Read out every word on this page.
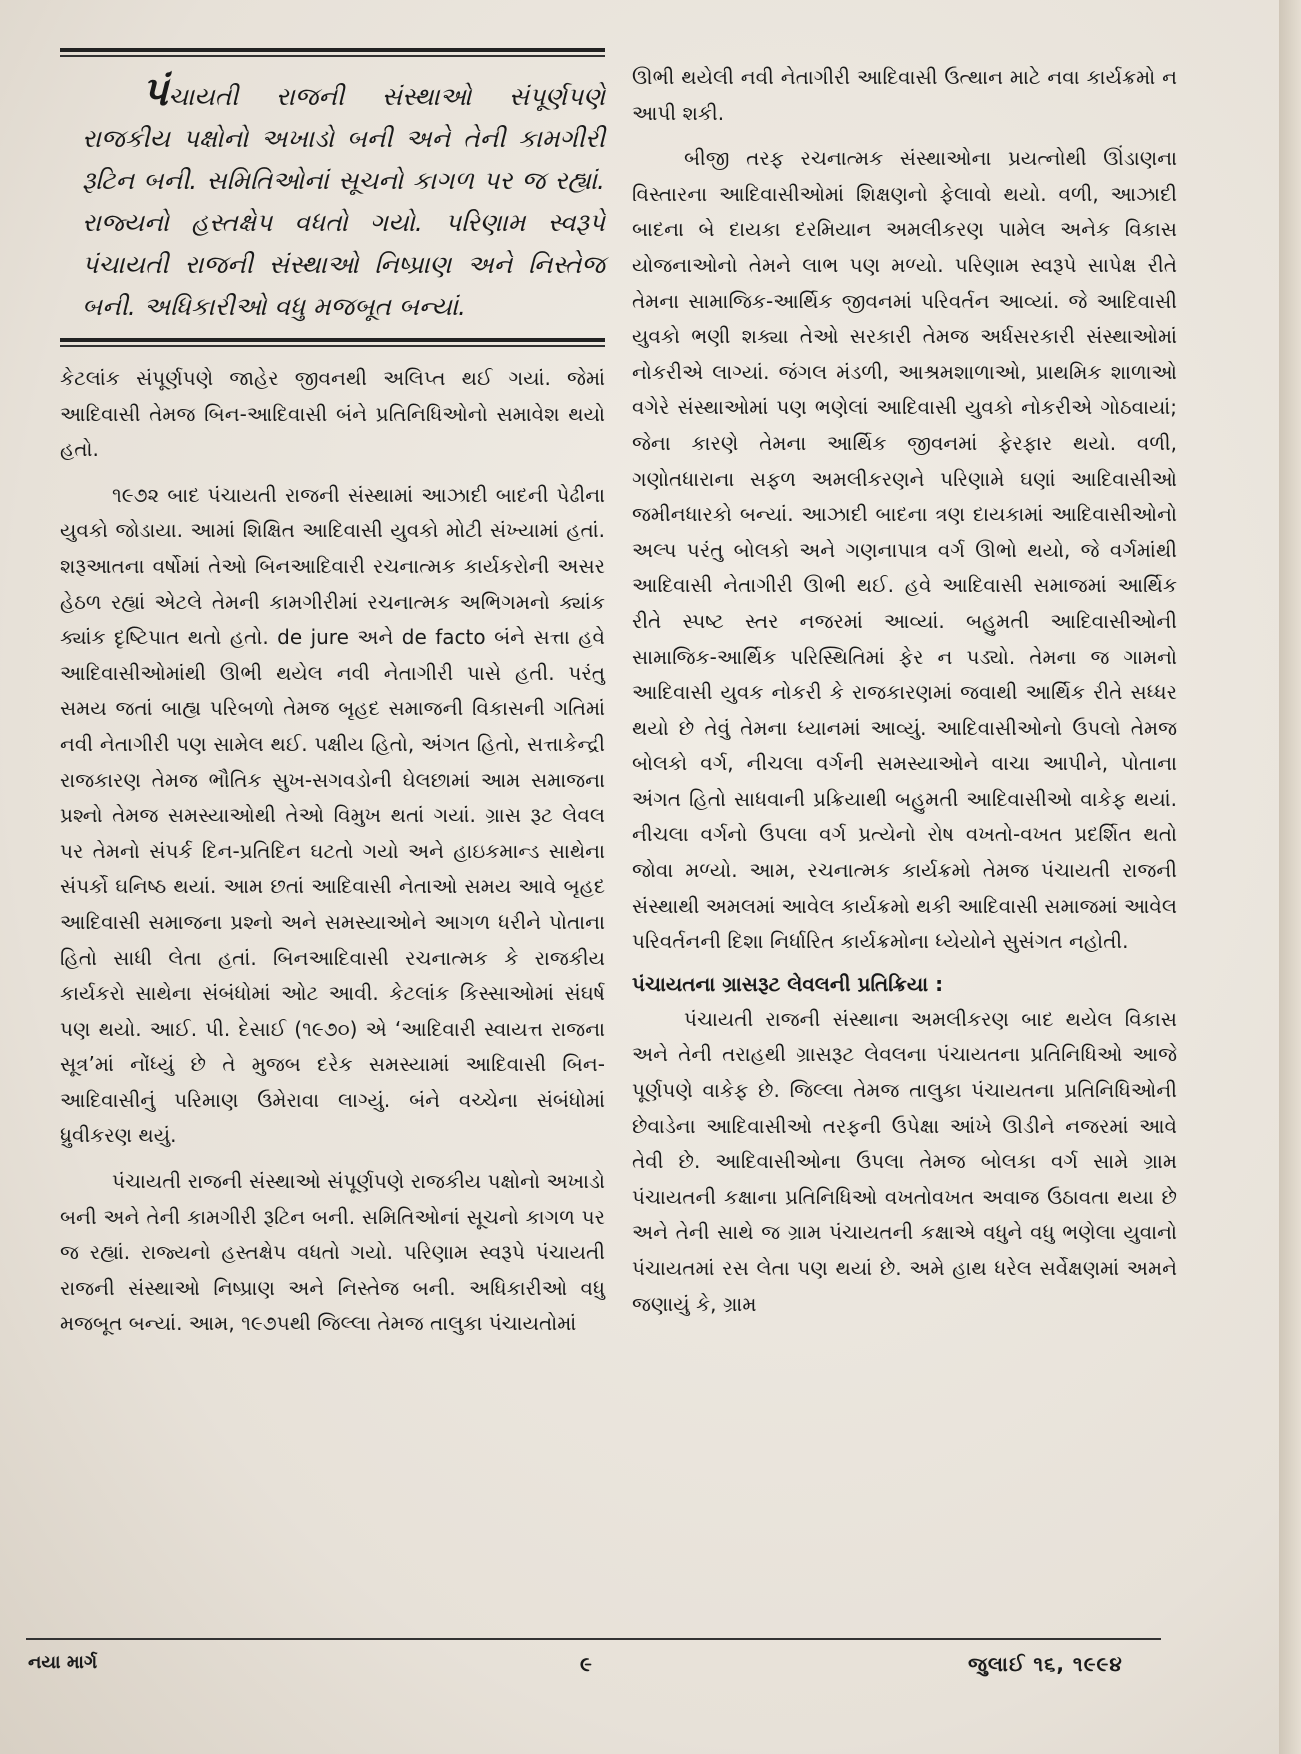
પંચાયતી રાજની સંસ્થાઓ સંપૂર્ણપણે રાજકીય પક્ષોનો અખાડો બની અને તેની કામગીરી રૂટિન બની. સમિતિઓનાં સૂચનો કાગળ પર જ રહ્યાં. રાજ્યનો હસ્તક્ષેપ વધતો ગયો. પરિણામ સ્વરૂપે પંચાયતી રાજની સંસ્થાઓ નિષ્પ્રાણ અને નિસ્તેજ બની. અધિકારીઓ વધુ મજબૂત બન્યાં.

કેટલાંક સંપૂર્ણપણે જાહેર જીવનથી અલિપ્ત થઈ ગયાં. જેમાં આદિવાસી તેમજ બિન-આદિવાસી બંને પ્રતિનિધિઓનો સમાવેશ થયો હતો.

૧૯૭૨ બાદ પંચાયતી રાજની સંસ્થામાં આઝાદી બાદની પેઢીના યુવકો જોડાયા. આમાં શિક્ષિત આદિવાસી યુવકો મોટી સંખ્યામાં હતાં. શરૂઆતના વર્ષોમાં તેઓ બિનઆદિવારી રચનાત્મક કાર્યકરોની અસર હેઠળ રહ્યાં એટલે તેમની કામગીરીમાં રચનાત્મક અભિગમનો ક્યાંક ક્યાંક દૃષ્ટિપાત થતો હતો. de jure અને de facto બંને સત્તા હવે આદિવાસીઓમાંથી ઊભી થયેલ નવી નેતાગીરી પાસે હતી. પરંતુ સમય જતાં બાહ્ય પરિબળો તેમજ બૃહદ સમાજની વિકાસની ગતિમાં નવી નેતાગીરી પણ સામેલ થઈ. પક્ષીય હિતો, અંગત હિતો, સત્તાકેન્દ્રી રાજકારણ તેમજ ભૌતિક સુખ-સગવડોની ઘેલછામાં આમ સમાજના પ્રશ્નો તેમજ સમસ્યાઓથી તેઓ વિમુખ થતાં ગયાં. ગ્રાસ રૂટ લેવલ પર તેમનો સંપર્ક દિન-પ્રતિદિન ઘટતો ગયો અને હાઇકમાન્ડ સાથેના સંપર્કો ઘનિષ્ઠ થયાં. આમ છતાં આદિવાસી નેતાઓ સમય આવે બૃહદ આદિવાસી સમાજના પ્રશ્નો અને સમસ્યાઓને આગળ ધરીને પોતાના હિતો સાધી લેતા હતાં. બિનઆદિવાસી રચનાત્મક કે રાજકીય કાર્યકરો સાથેના સંબંધોમાં ઓટ આવી. કેટલાંક કિસ્સાઓમાં સંઘર્ષ પણ થયો. આઈ. પી. દેસાઈ (૧૯૭૦) એ ‘આદિવારી સ્વાયત્ત રાજના સૂત્ર’માં નોંધ્યું છે તે મુજબ દરેક સમસ્યામાં આદિવાસી બિન-આદિવાસીનું પરિમાણ ઉમેરાવા લાગ્યું. બંને વચ્ચેના સંબંધોમાં ધ્રુવીકરણ થયું.

પંચાયતી રાજની સંસ્થાઓ સંપૂર્ણપણે રાજકીય પક્ષોનો અખાડો બની અને તેની કામગીરી રૂટિન બની. સમિતિઓનાં સૂચનો કાગળ પર જ રહ્યાં. રાજ્યનો હસ્તક્ષેપ વધતો ગયો. પરિણામ સ્વરૂપે પંચાયતી રાજની સંસ્થાઓ નિષ્પ્રાણ અને નિસ્તેજ બની. અધિકારીઓ વધુ મજબૂત બન્યાં. આમ, ૧૯૭૫થી જિલ્લા તેમજ તાલુકા પંચાયતોમાં

ઊભી થયેલી નવી નેતાગીરી આદિવાસી ઉત્થાન માટે નવા કાર્યક્રમો ન આપી શકી.

બીજી તરફ રચનાત્મક સંસ્થાઓના પ્રયત્નોથી ઊંડાણના વિસ્તારના આદિવાસીઓમાં શિક્ષણનો ફેલાવો થયો. વળી, આઝાદી બાદના બે દાયકા દરમિયાન અમલીકરણ પામેલ અનેક વિકાસ યોજનાઓનો તેમને લાભ પણ મળ્યો. પરિણામ સ્વરૂપે સાપેક્ષ રીતે તેમના સામાજિક-આર્થિક જીવનમાં પરિવર્તન આવ્યાં. જે આદિવાસી યુવકો ભણી શક્યા તેઓ સરકારી તેમજ અર્ધસરકારી સંસ્થાઓમાં નોકરીએ લાગ્યાં. જંગલ મંડળી, આશ્રમશાળાઓ, પ્રાથમિક શાળાઓ વગેરે સંસ્થાઓમાં પણ ભણેલાં આદિવાસી યુવકો નોકરીએ ગોઠવાયાં; જેના કારણે તેમના આર્થિક જીવનમાં ફેરફાર થયો. વળી, ગણોતધારાના સફળ અમલીકરણને પરિણામે ઘણાં આદિવાસીઓ જમીનધારકો બન્યાં. આઝાદી બાદના ત્રણ દાયકામાં આદિવાસીઓનો અલ્પ પરંતુ બોલકો અને ગણનાપાત્ર વર્ગ ઊભો થયો, જે વર્ગમાંથી આદિવાસી નેતાગીરી ઊભી થઈ. હવે આદિવાસી સમાજમાં આર્થિક રીતે સ્પષ્ટ સ્તર નજરમાં આવ્યાં. બહુમતી આદિવાસીઓની સામાજિક-આર્થિક પરિસ્થિતિમાં ફેર ન પડ્યો. તેમના જ ગામનો આદિવાસી યુવક નોકરી કે રાજકારણમાં જવાથી આર્થિક રીતે સધ્ધર થયો છે તેવું તેમના ધ્યાનમાં આવ્યું. આદિવાસીઓનો ઉપલો તેમજ બોલકો વર્ગ, નીચલા વર્ગની સમસ્યાઓને વાચા આપીને, પોતાના અંગત હિતો સાધવાની પ્રક્રિયાથી બહુમતી આદિવાસીઓ વાકેફ થયાં. નીચલા વર્ગનો ઉપલા વર્ગ પ્રત્યેનો રોષ વખતો-વખત પ્રદર્શિત થતો જોવા મળ્યો. આમ, રચનાત્મક કાર્યક્રમો તેમજ પંચાયતી રાજની સંસ્થાથી અમલમાં આવેલ કાર્યક્રમો થકી આદિવાસી સમાજમાં આવેલ પરિવર્તનની દિશા નિર્ધારિત કાર્યક્રમોના ધ્યેયોને સુસંગત નહોતી.

પંચાયતના ગ્રાસરૂટ લેવલની પ્રતિક્રિયા :

પંચાયતી રાજની સંસ્થાના અમલીકરણ બાદ થયેલ વિકાસ અને તેની તરાહથી ગ્રાસરૂટ લેવલના પંચાયતના પ્રતિનિધિઓ આજે પૂર્ણપણે વાકેફ છે. જિલ્લા તેમજ તાલુકા પંચાયતના પ્રતિનિધિઓની છેવાડેના આદિવાસીઓ તરફની ઉપેક્ષા આંખે ઊડીને નજરમાં આવે તેવી છે. આદિવાસીઓના ઉપલા તેમજ બોલકા વર્ગ સામે ગ્રામ પંચાયતની કક્ષાના પ્રતિનિધિઓ વખતોવખત અવાજ ઉઠાવતા થયા છે અને તેની સાથે જ ગ્રામ પંચાયતની કક્ષાએ વધુને વધુ ભણેલા યુવાનો પંચાયતમાં રસ લેતા પણ થયાં છે. અમે હાથ ધરેલ સર્વેક્ષણમાં અમને જણાયું કે, ગ્રામ

નયા માર્ગ	૯	જુલાઈ ૧૬, ૧૯૯૪
